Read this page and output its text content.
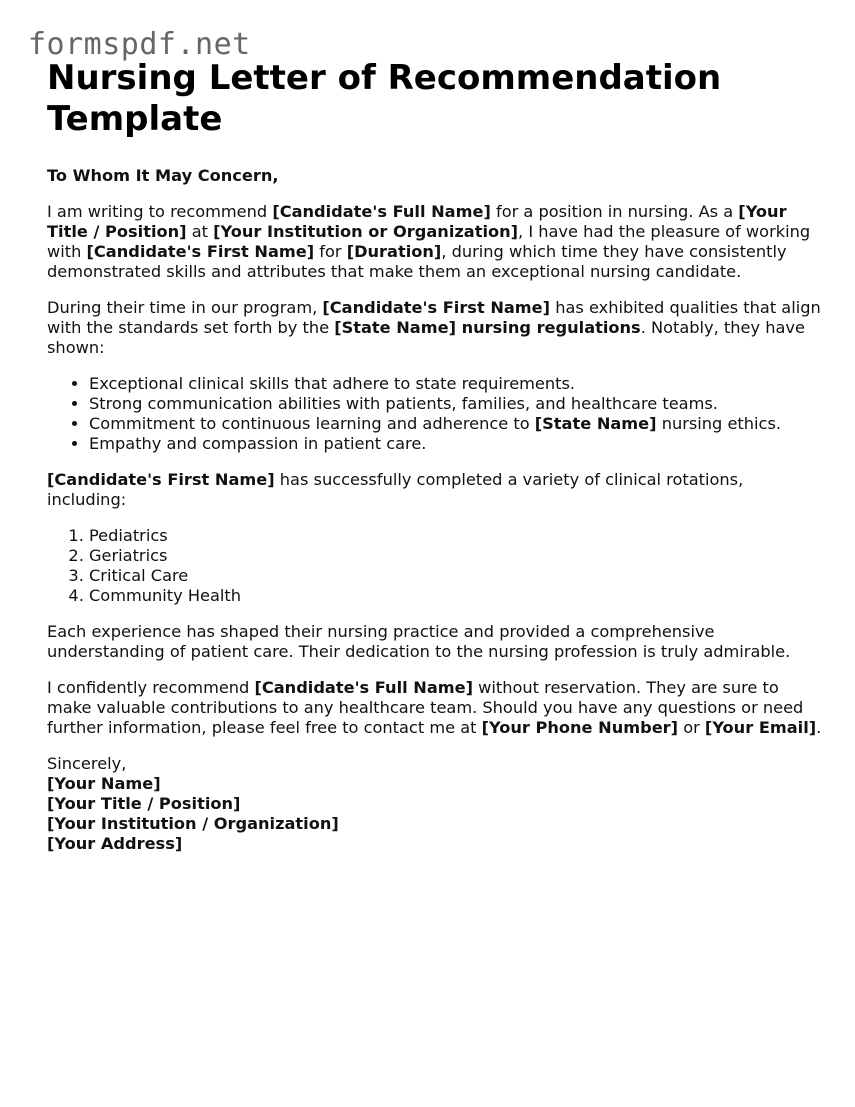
formspdf.net
Nursing Letter of Recommendation Template

To Whom It May Concern,

I am writing to recommend [Candidate's Full Name] for a position in nursing. As a [Your Title / Position] at [Your Institution or Organization], I have had the pleasure of working with [Candidate's First Name] for [Duration], during which time they have consistently demonstrated skills and attributes that make them an exceptional nursing candidate.

During their time in our program, [Candidate's First Name] has exhibited qualities that align with the standards set forth by the [State Name] nursing regulations. Notably, they have shown:

• Exceptional clinical skills that adhere to state requirements.
• Strong communication abilities with patients, families, and healthcare teams.
• Commitment to continuous learning and adherence to [State Name] nursing ethics.
• Empathy and compassion in patient care.

[Candidate's First Name] has successfully completed a variety of clinical rotations, including:

1. Pediatrics
2. Geriatrics
3. Critical Care
4. Community Health

Each experience has shaped their nursing practice and provided a comprehensive understanding of patient care. Their dedication to the nursing profession is truly admirable.

I confidently recommend [Candidate's Full Name] without reservation. They are sure to make valuable contributions to any healthcare team. Should you have any questions or need further information, please feel free to contact me at [Your Phone Number] or [Your Email].

Sincerely,
[Your Name]
[Your Title / Position]
[Your Institution / Organization]
[Your Address]
